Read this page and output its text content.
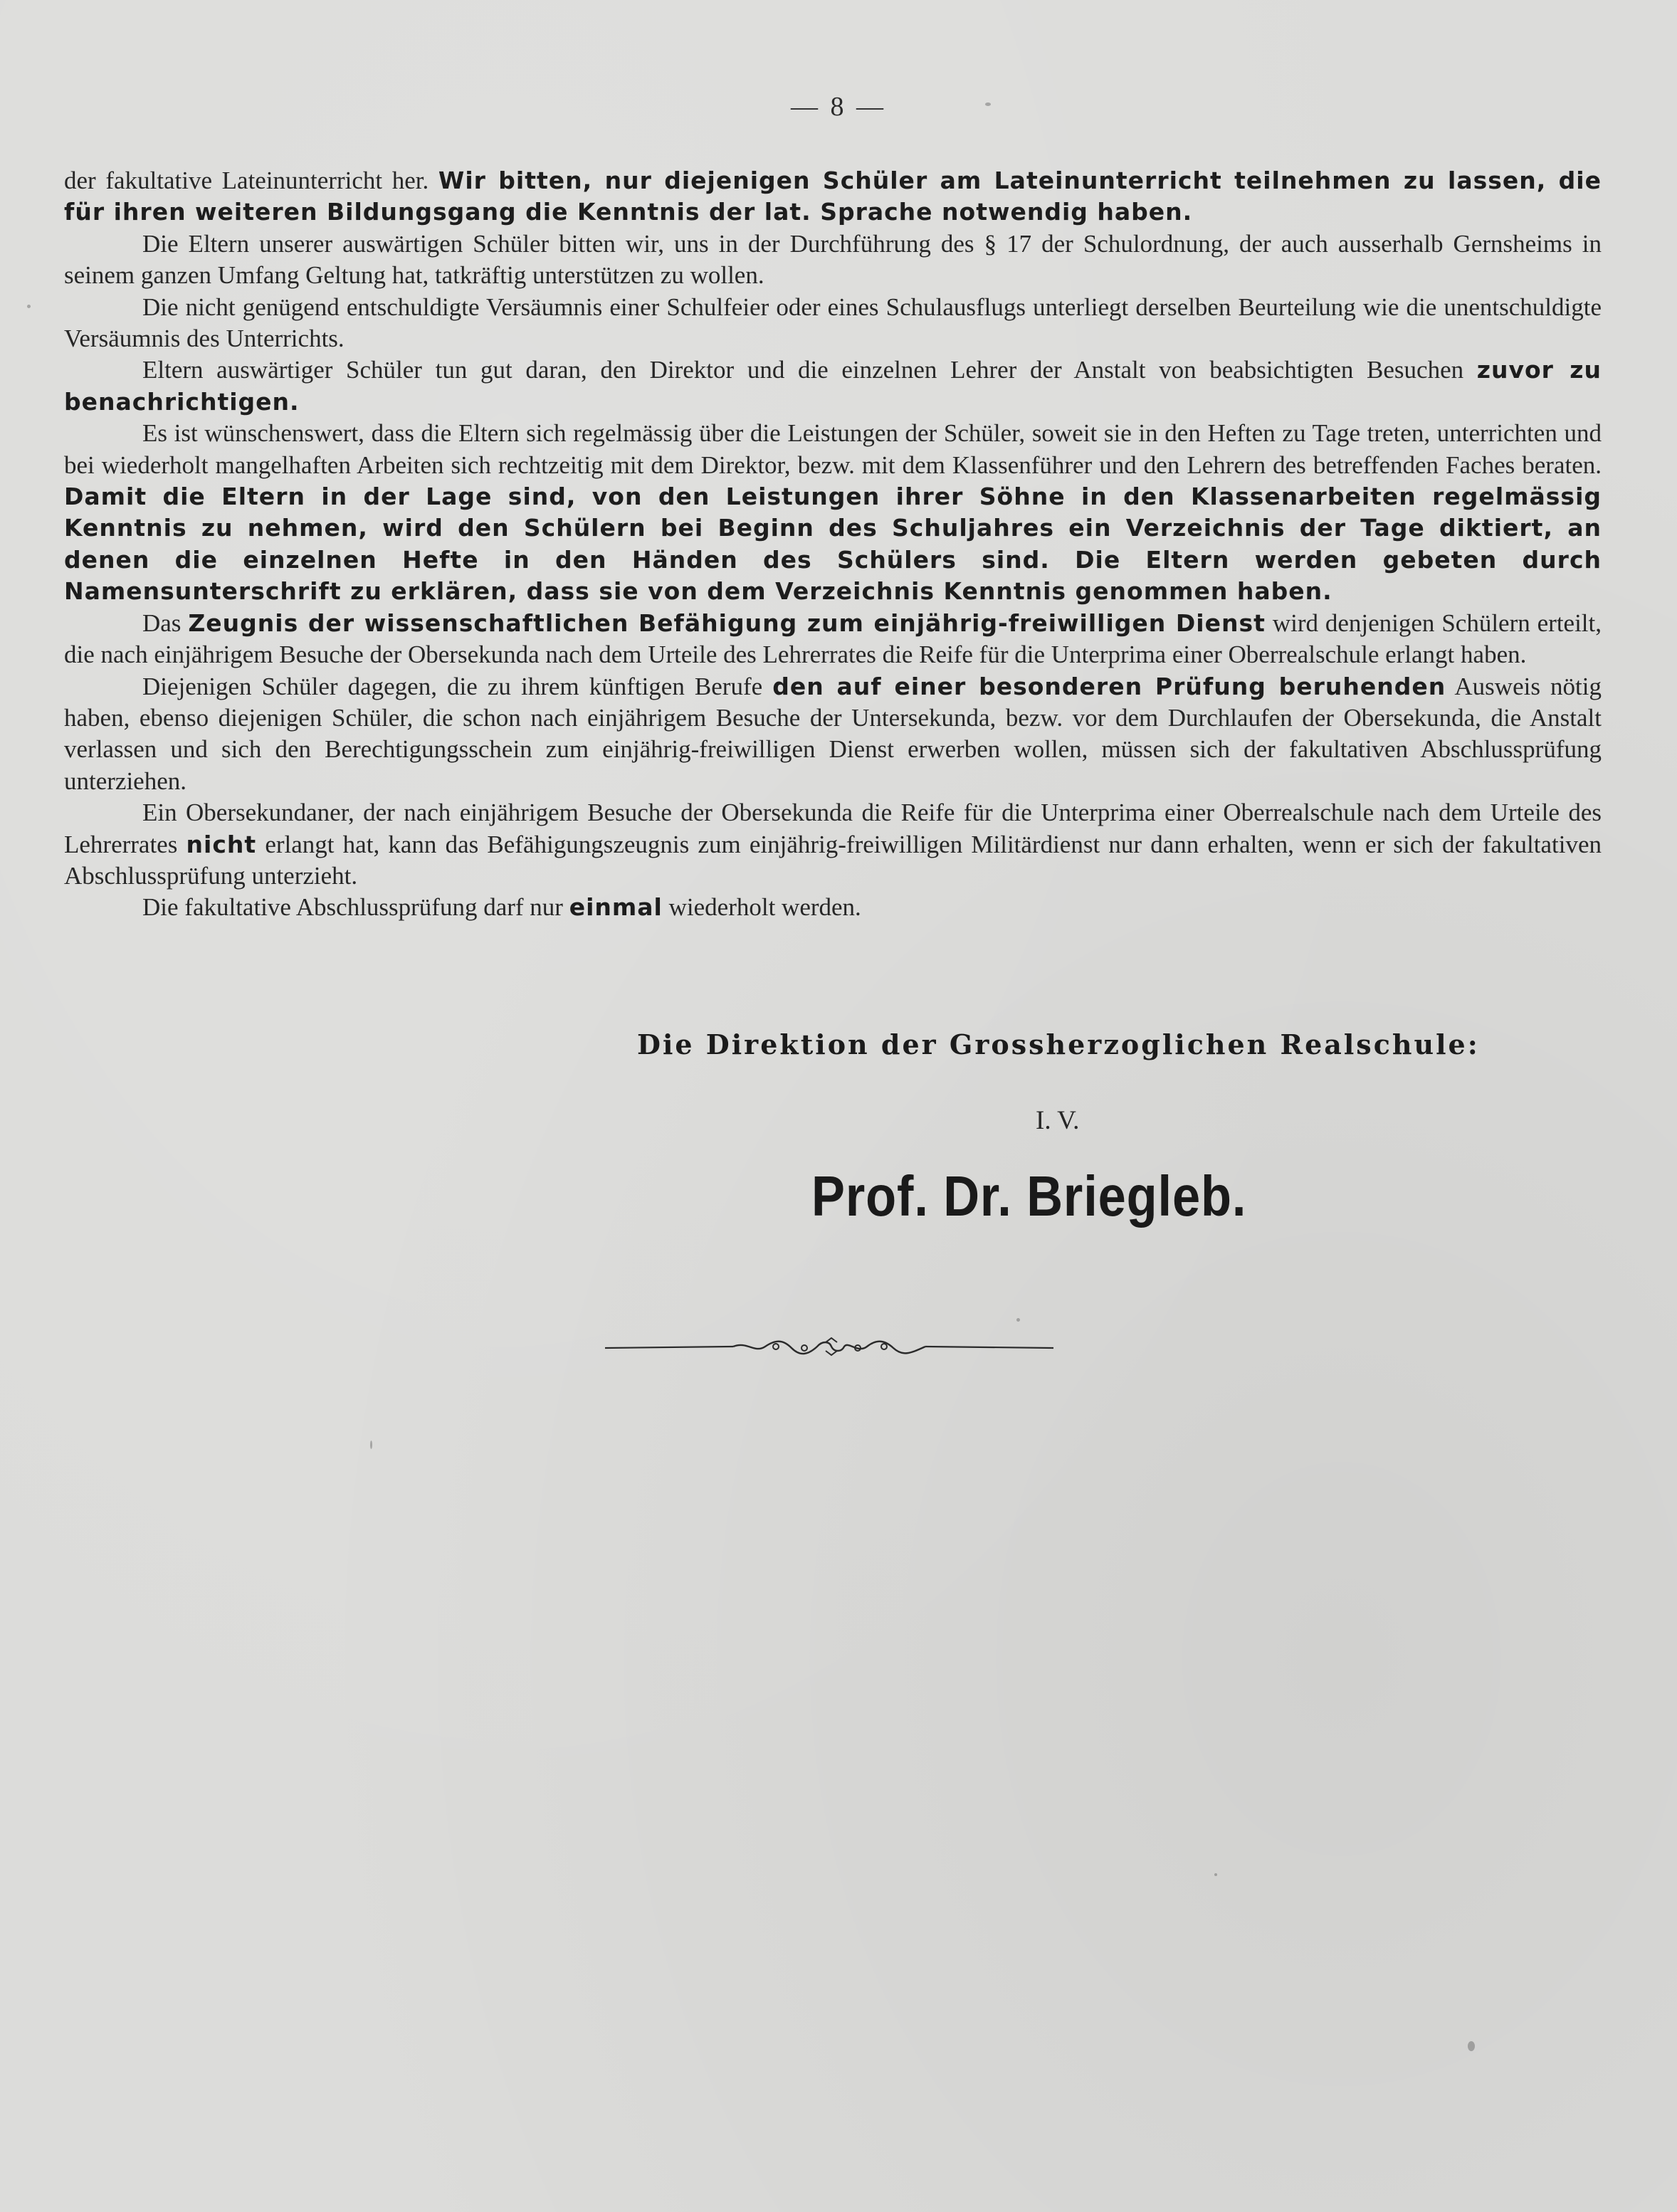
— 8 —

der fakultative Lateinunterricht her. Wir bitten, nur diejenigen Schüler am Lateinunterricht teilnehmen zu lassen, die für ihren weiteren Bildungsgang die Kenntnis der lat. Sprache notwendig haben.

Die Eltern unserer auswärtigen Schüler bitten wir, uns in der Durchführung des § 17 der Schulordnung, der auch ausserhalb Gernsheims in seinem ganzen Umfang Geltung hat, tatkräftig unterstützen zu wollen.

Die nicht genügend entschuldigte Versäumnis einer Schulfeier oder eines Schulausflugs unterliegt derselben Beurteilung wie die unentschuldigte Versäumnis des Unterrichts.

Eltern auswärtiger Schüler tun gut daran, den Direktor und die einzelnen Lehrer der Anstalt von beabsichtigten Besuchen zuvor zu benachrichtigen.

Es ist wünschenswert, dass die Eltern sich regelmässig über die Leistungen der Schüler, soweit sie in den Heften zu Tage treten, unterrichten und bei wiederholt mangelhaften Arbeiten sich rechtzeitig mit dem Direktor, bezw. mit dem Klassenführer und den Lehrern des betreffenden Faches beraten. Damit die Eltern in der Lage sind, von den Leistungen ihrer Söhne in den Klassenarbeiten regelmässig Kenntnis zu nehmen, wird den Schülern bei Beginn des Schuljahres ein Verzeichnis der Tage diktiert, an denen die einzelnen Hefte in den Händen des Schülers sind. Die Eltern werden gebeten durch Namensunterschrift zu erklären, dass sie von dem Verzeichnis Kenntnis genommen haben.

Das Zeugnis der wissenschaftlichen Befähigung zum einjährig-freiwilligen Dienst wird denjenigen Schülern erteilt, die nach einjährigem Besuche der Obersekunda nach dem Urteile des Lehrerrates die Reife für die Unterprima einer Oberrealschule erlangt haben.

Diejenigen Schüler dagegen, die zu ihrem künftigen Berufe den auf einer besonderen Prüfung beruhenden Ausweis nötig haben, ebenso diejenigen Schüler, die schon nach einjährigem Besuche der Untersekunda, bezw. vor dem Durchlaufen der Obersekunda, die Anstalt verlassen und sich den Berechtigungsschein zum einjährig-freiwilligen Dienst erwerben wollen, müssen sich der fakultativen Abschlussprüfung unterziehen.

Ein Obersekundaner, der nach einjährigem Besuche der Obersekunda die Reife für die Unterprima einer Oberrealschule nach dem Urteile des Lehrerrates nicht erlangt hat, kann das Befähigungszeugnis zum einjährig-freiwilligen Militärdienst nur dann erhalten, wenn er sich der fakultativen Abschlussprüfung unterzieht.

Die fakultative Abschlussprüfung darf nur einmal wiederholt werden.

Die Direktion der Grossherzoglichen Realschule:
I. V.
Prof. Dr. Briegleb.
